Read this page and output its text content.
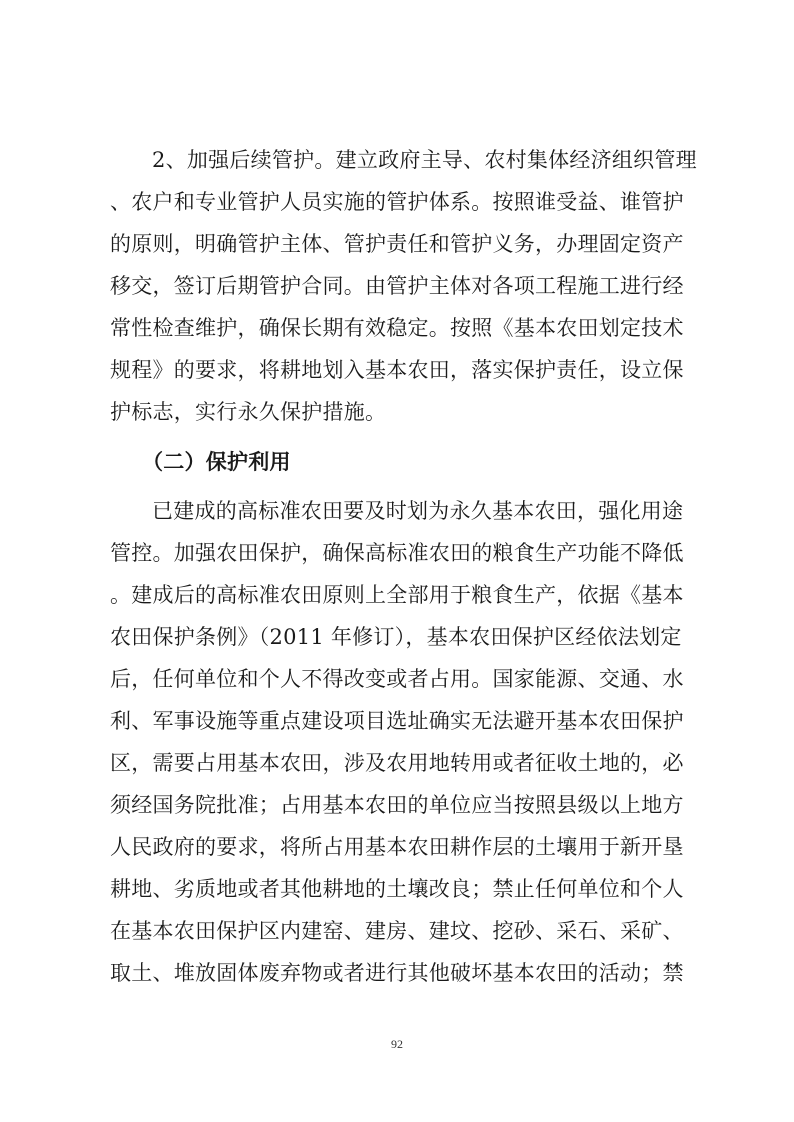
2、加强后续管护。建立政府主导、农村集体经济组织管理
、农户和专业管护人员实施的管护体系。按照谁受益、谁管护
的原则，明确管护主体、管护责任和管护义务，办理固定资产
移交，签订后期管护合同。由管护主体对各项工程施工进行经
常性检查维护，确保长期有效稳定。按照《基本农田划定技术
规程》的要求，将耕地划入基本农田，落实保护责任，设立保
护标志，实行永久保护措施。
（二）保护利用
已建成的高标准农田要及时划为永久基本农田，强化用途
管控。加强农田保护，确保高标准农田的粮食生产功能不降低
。建成后的高标准农田原则上全部用于粮食生产，依据《基本
农田保护条例》（2011 年修订），基本农田保护区经依法划定
后，任何单位和个人不得改变或者占用。国家能源、交通、水
利、军事设施等重点建设项目选址确实无法避开基本农田保护
区，需要占用基本农田，涉及农用地转用或者征收土地的，必
须经国务院批准；占用基本农田的单位应当按照县级以上地方
人民政府的要求，将所占用基本农田耕作层的土壤用于新开垦
耕地、劣质地或者其他耕地的土壤改良；禁止任何单位和个人
在基本农田保护区内建窑、建房、建坟、挖砂、采石、采矿、
取土、堆放固体废弃物或者进行其他破坏基本农田的活动；禁
92
